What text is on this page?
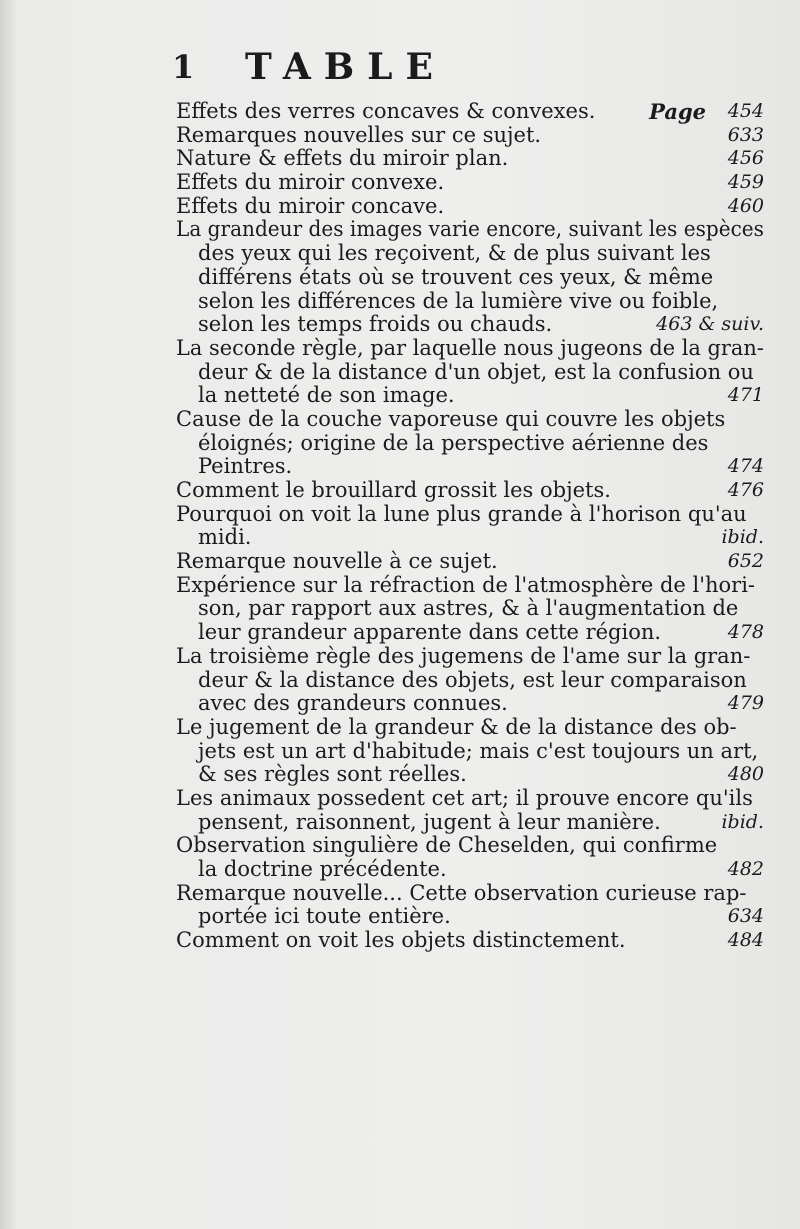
1 TABLE
Effets des verres concaves & convexes.	Page 454
Remarques nouvelles sur ce sujet.	633
Nature & effets du miroir plan.	456
Effets du miroir convexe.	459
Effets du miroir concave.	460
La grandeur des images varie encore, suivant les espèces
des yeux qui les reçoivent, & de plus suivant les
différens états où se trouvent ces yeux, & même
selon les différences de la lumière vive ou foible,
selon les temps froids ou chauds.	463 & suiv.
La seconde règle, par laquelle nous jugeons de la gran-
deur & de la distance d'un objet, est la confusion ou
la netteté de son image.	471
Cause de la couche vaporeuse qui couvre les objets
éloignés; origine de la perspective aérienne des
Peintres.	474
Comment le brouillard grossit les objets.	476
Pourquoi on voit la lune plus grande à l'horison qu'au
midi.	ibid.
Remarque nouvelle à ce sujet.	652
Expérience sur la réfraction de l'atmosphère de l'hori-
son, par rapport aux astres, & à l'augmentation de
leur grandeur apparente dans cette région.	478
La troisième règle des jugemens de l'ame sur la gran-
deur & la distance des objets, est leur comparaison
avec des grandeurs connues.	479
Le jugement de la grandeur & de la distance des ob-
jets est un art d'habitude; mais c'est toujours un art,
& ses règles sont réelles.	480
Les animaux possedent cet art; il prouve encore qu'ils
pensent, raisonnent, jugent à leur manière.	ibid.
Observation singulière de Cheselden, qui confirme
la doctrine précédente.	482
Remarque nouvelle... Cette observation curieuse rap-
portée ici toute entière.	634
Comment on voit les objets distinctement.	484
